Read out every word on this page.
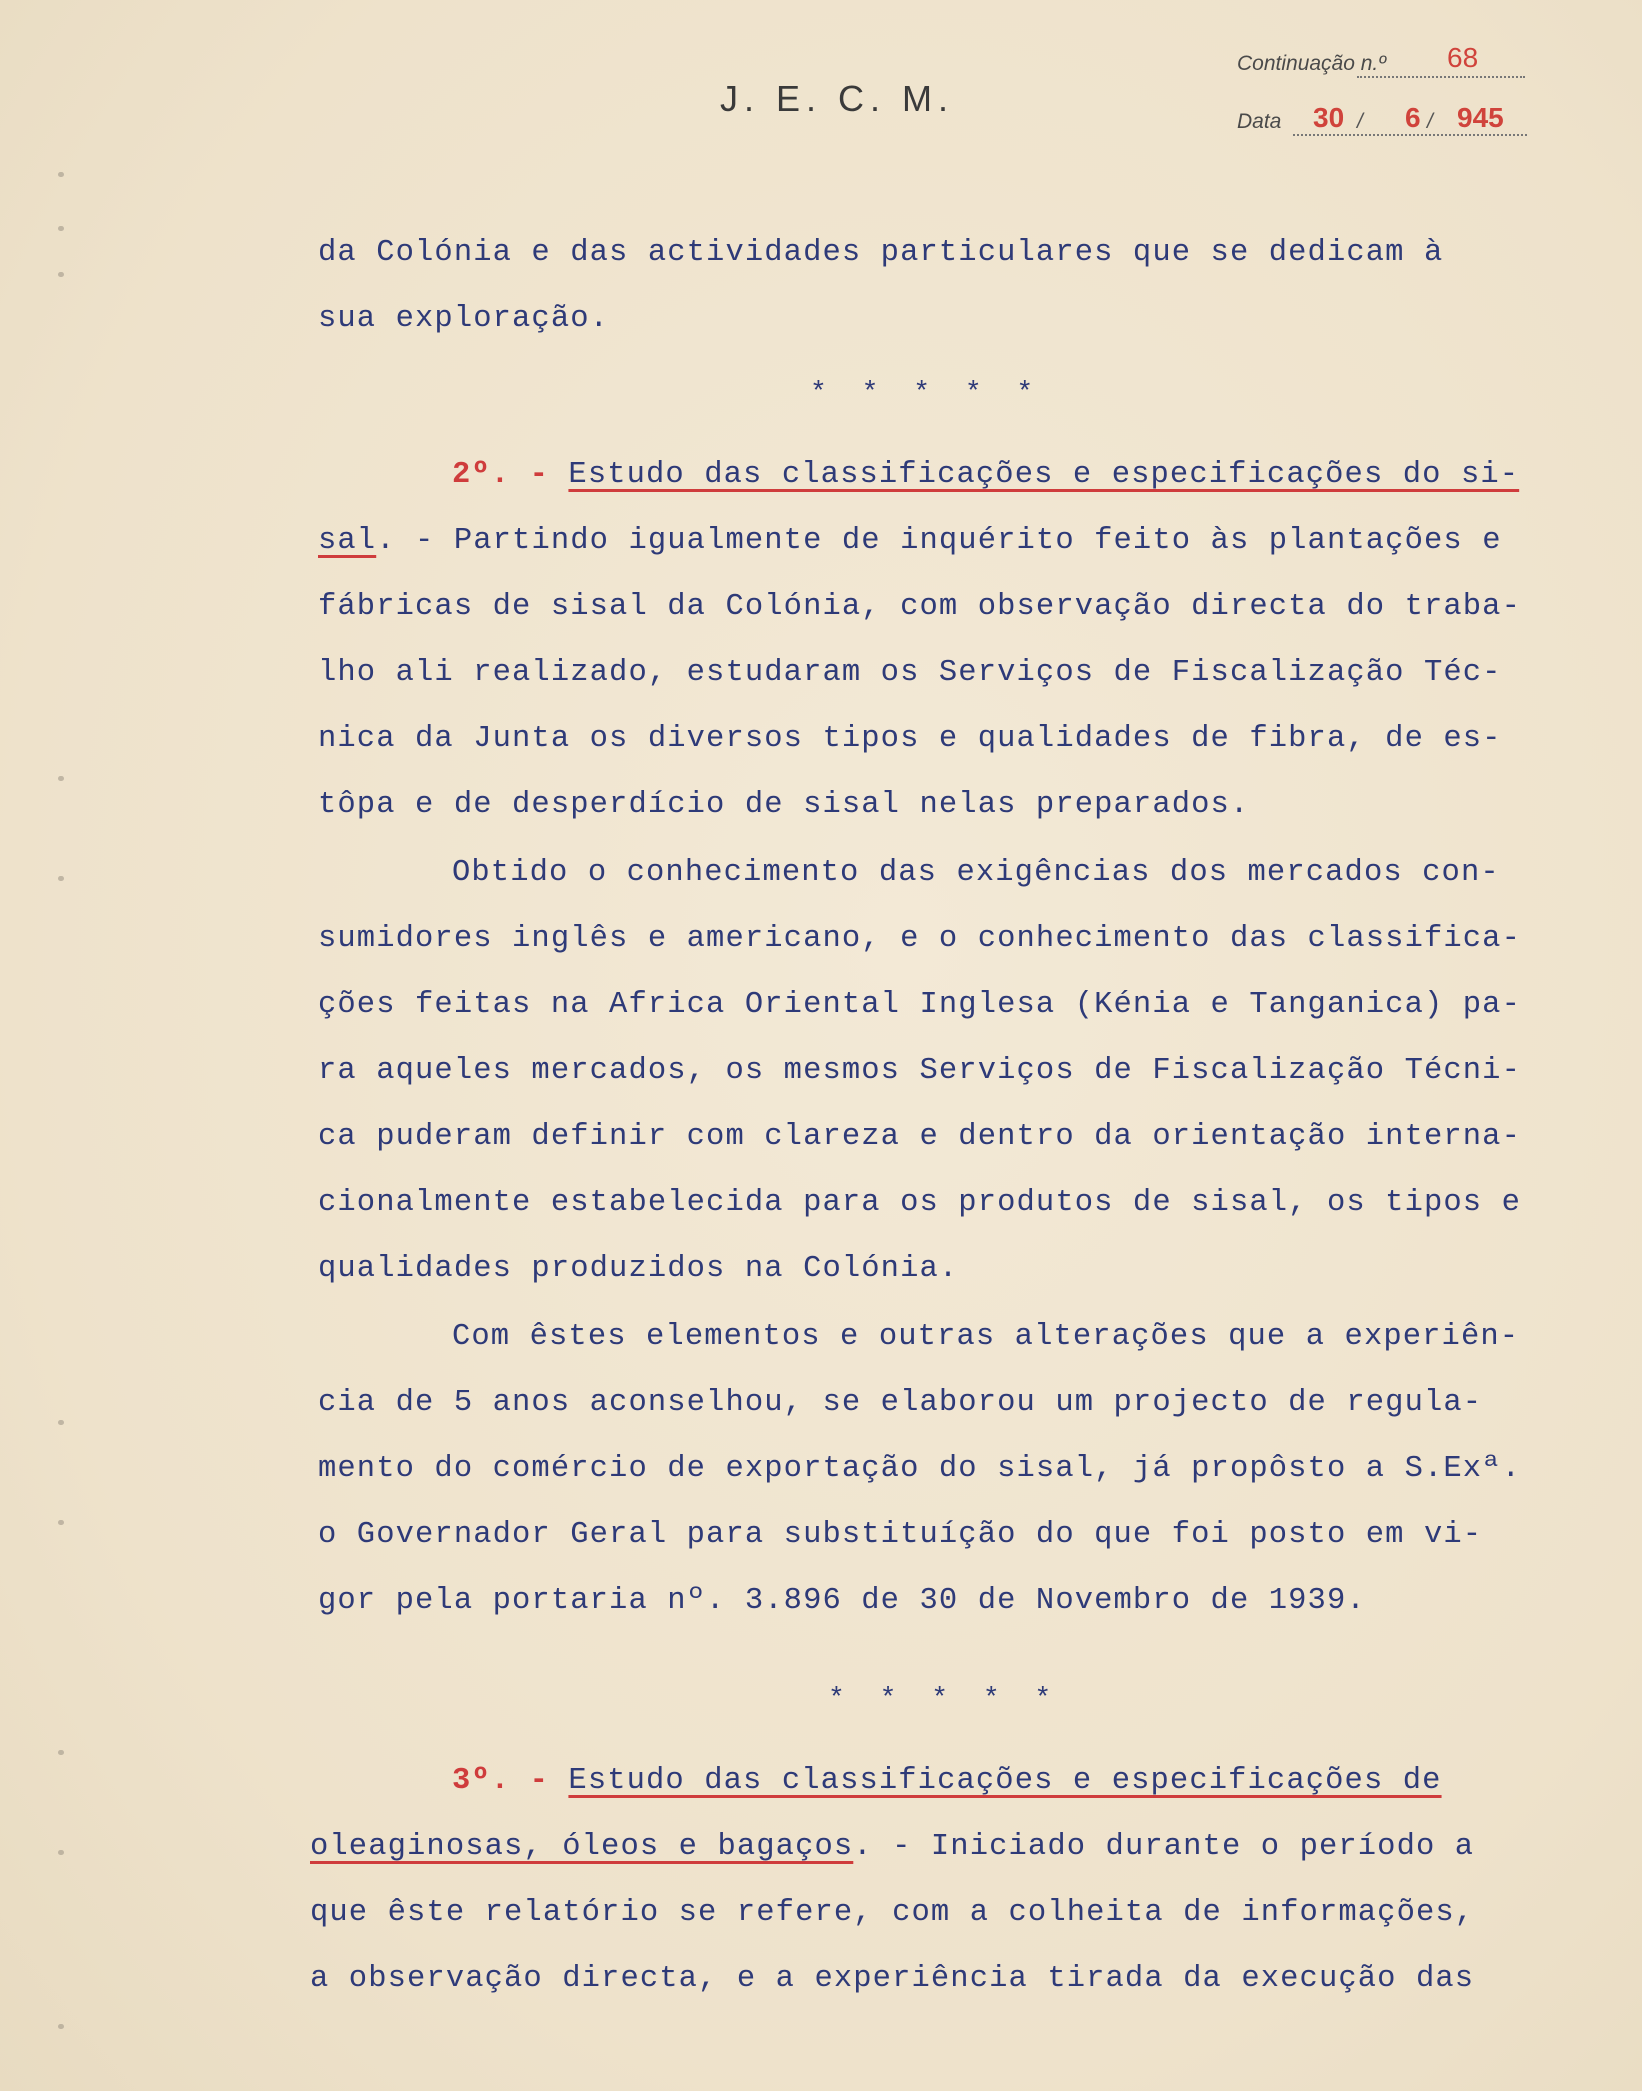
J. E. C. M.
Continuação n.º 68
Data 30 / 6 / 945
da Colónia e das actividades particulares que se dedicam à
sua exploração.
* * * * *
2º. - Estudo das classificações e especificações do si-
sal. - Partindo igualmente de inquérito feito às plantações e
fábricas de sisal da Colónia, com observação directa do traba-
lho ali realizado, estudaram os Serviços de Fiscalização Téc-
nica da Junta os diversos tipos e qualidades de fibra, de es-
tôpa e de desperdício de sisal nelas preparados.
Obtido o conhecimento das exigências dos mercados con-
sumidores inglês e americano, e o conhecimento das classifica-
ções feitas na Africa Oriental Inglesa (Kénia e Tanganica) pa-
ra aqueles mercados, os mesmos Serviços de Fiscalização Técni-
ca puderam definir com clareza e dentro da orientação interna-
cionalmente estabelecida para os produtos de sisal, os tipos e
qualidades produzidos na Colónia.
Com êstes elementos e outras alterações que a experiên-
cia de 5 anos aconselhou, se elaborou um projecto de regula-
mento do comércio de exportação do sisal, já propôsto a S.Exª.
o Governador Geral para substituíção do que foi posto em vi-
gor pela portaria nº. 3.896 de 30 de Novembro de 1939.
* * * * *
3º. - Estudo das classificações e especificações de
oleaginosas, óleos e bagaços. - Iniciado durante o período a
que êste relatório se refere, com a colheita de informações,
a observação directa, e a experiência tirada da execução das
